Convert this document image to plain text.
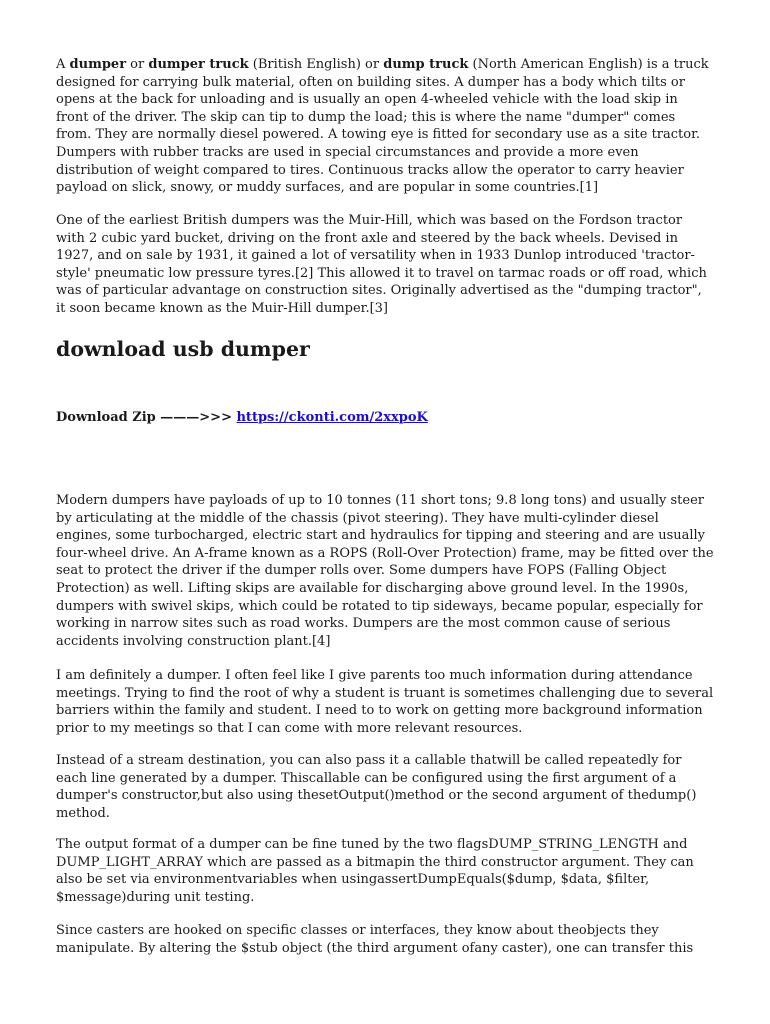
A dumper or dumper truck (British English) or dump truck (North American English) is a truck designed for carrying bulk material, often on building sites. A dumper has a body which tilts or opens at the back for unloading and is usually an open 4-wheeled vehicle with the load skip in front of the driver. The skip can tip to dump the load; this is where the name "dumper" comes from. They are normally diesel powered. A towing eye is fitted for secondary use as a site tractor. Dumpers with rubber tracks are used in special circumstances and provide a more even distribution of weight compared to tires. Continuous tracks allow the operator to carry heavier payload on slick, snowy, or muddy surfaces, and are popular in some countries.[1]

One of the earliest British dumpers was the Muir-Hill, which was based on the Fordson tractor with 2 cubic yard bucket, driving on the front axle and steered by the back wheels. Devised in 1927, and on sale by 1931, it gained a lot of versatility when in 1933 Dunlop introduced 'tractor-style' pneumatic low pressure tyres.[2] This allowed it to travel on tarmac roads or off road, which was of particular advantage on construction sites. Originally advertised as the "dumping tractor", it soon became known as the Muir-Hill dumper.[3]

download usb dumper
Download Zip ———>>> https://ckonti.com/2xxpoK

Modern dumpers have payloads of up to 10 tonnes (11 short tons; 9.8 long tons) and usually steer by articulating at the middle of the chassis (pivot steering). They have multi-cylinder diesel engines, some turbocharged, electric start and hydraulics for tipping and steering and are usually four-wheel drive. An A-frame known as a ROPS (Roll-Over Protection) frame, may be fitted over the seat to protect the driver if the dumper rolls over. Some dumpers have FOPS (Falling Object Protection) as well. Lifting skips are available for discharging above ground level. In the 1990s, dumpers with swivel skips, which could be rotated to tip sideways, became popular, especially for working in narrow sites such as road works. Dumpers are the most common cause of serious accidents involving construction plant.[4]

I am definitely a dumper. I often feel like I give parents too much information during attendance meetings. Trying to find the root of why a student is truant is sometimes challenging due to several barriers within the family and student. I need to to work on getting more background information prior to my meetings so that I can come with more relevant resources.

Instead of a stream destination, you can also pass it a callable thatwill be called repeatedly for each line generated by a dumper. Thiscallable can be configured using the first argument of a dumper's constructor,but also using thesetOutput()method or the second argument of thedump() method.

The output format of a dumper can be fine tuned by the two flagsDUMP_STRING_LENGTH and DUMP_LIGHT_ARRAY which are passed as a bitmapin the third constructor argument. They can also be set via environmentvariables when usingassertDumpEquals($dump, $data, $filter, $message)during unit testing.

Since casters are hooked on specific classes or interfaces, they know about theobjects they manipulate. By altering the $stub object (the third argument ofany caster), one can transfer this
